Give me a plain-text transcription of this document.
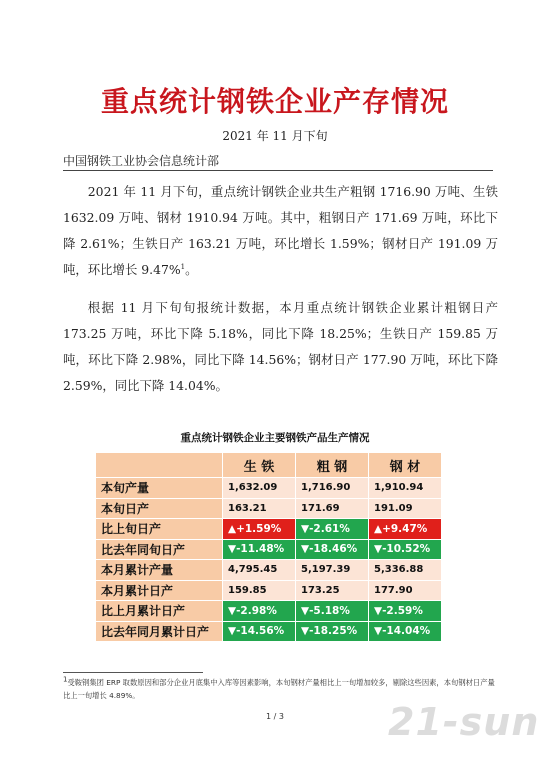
重点统计钢铁企业产存情况
2021 年 11 月下旬
中国钢铁工业协会信息统计部

2021 年 11 月下旬，重点统计钢铁企业共生产粗钢 1716.90 万吨、生铁 1632.09 万吨、钢材 1910.94 万吨。其中，粗钢日产 171.69 万吨，环比下降 2.61%；生铁日产 163.21 万吨，环比增长 1.59%；钢材日产 191.09 万吨，环比增长 9.47%$^1$。

根据 11 月下旬旬报统计数据，本月重点统计钢铁企业累计粗钢日产 173.25 万吨，环比下降 5.18%，同比下降 18.25%；生铁日产 159.85 万吨，环比下降 2.98%，同比下降 14.56%；钢材日产 177.90 万吨，环比下降 2.59%，同比下降 14.04%。

重点统计钢铁企业主要钢铁产品生产情况
	生 铁	粗 钢	钢 材
本旬产量	1,632.09	1,716.90	1,910.94
本旬日产	163.21	171.69	191.09
比上旬日产	▲+1.59%	▼-2.61%	▲+9.47%
比去年同旬日产	▼-11.48%	▼-18.46%	▼-10.52%
本月累计产量	4,795.45	5,197.39	5,336.88
本月累计日产	159.85	173.25	177.90
比上月累计日产	▼-2.98%	▼-5.18%	▼-2.59%
比去年同月累计日产	▼-14.56%	▼-18.25%	▼-14.04%
$^1$受鞍钢集团 ERP 取数原因和部分企业月底集中入库等因素影响，本旬钢材产量相比上一旬增加较多，剔除这些因素，本旬钢材日产量比上一旬增长 4.89%。
1 / 3	21-sun
